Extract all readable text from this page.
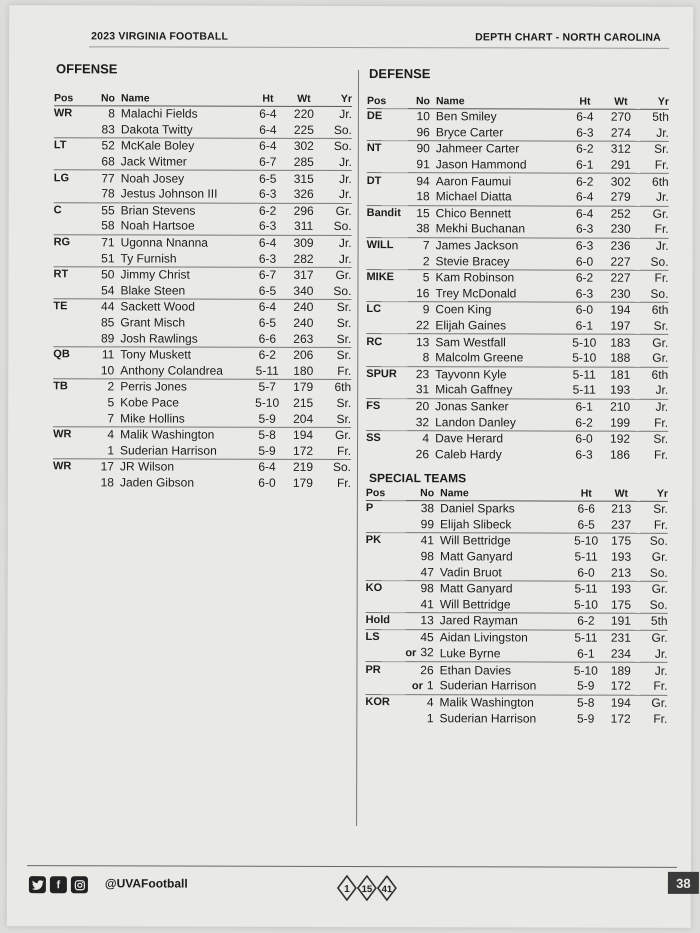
2023 VIRGINIA FOOTBALL	DEPTH CHART - NORTH CAROLINA
OFFENSE	DEFENSE
SPECIAL TEAMS
Pos	No	Name	Ht	Wt	Yr
WR	8	Malachi Fields	6-4	220	Jr.
	83	Dakota Twitty	6-4	225	So.
LT	52	McKale Boley	6-4	302	So.
	68	Jack Witmer	6-7	285	Jr.
LG	77	Noah Josey	6-5	315	Jr.
	78	Jestus Johnson III	6-3	326	Jr.
C	55	Brian Stevens	6-2	296	Gr.
	58	Noah Hartsoe	6-3	311	So.
RG	71	Ugonna Nnanna	6-4	309	Jr.
	51	Ty Furnish	6-3	282	Jr.
RT	50	Jimmy Christ	6-7	317	Gr.
	54	Blake Steen	6-5	340	So.
TE	44	Sackett Wood	6-4	240	Sr.
	85	Grant Misch	6-5	240	Sr.
	89	Josh Rawlings	6-6	263	Sr.
QB	11	Tony Muskett	6-2	206	Sr.
	10	Anthony Colandrea	5-11	180	Fr.
TB	2	Perris Jones	5-7	179	6th
	5	Kobe Pace	5-10	215	Sr.
	7	Mike Hollins	5-9	204	Sr.
WR	4	Malik Washington	5-8	194	Gr.
	1	Suderian Harrison	5-9	172	Fr.
WR	17	JR Wilson	6-4	219	So.
	18	Jaden Gibson	6-0	179	Fr.
Pos	No	Name	Ht	Wt	Yr
DE	10	Ben Smiley	6-4	270	5th
	96	Bryce Carter	6-3	274	Jr.
NT	90	Jahmeer Carter	6-2	312	Sr.
	91	Jason Hammond	6-1	291	Fr.
DT	94	Aaron Faumui	6-2	302	6th
	18	Michael Diatta	6-4	279	Jr.
Bandit	15	Chico Bennett	6-4	252	Gr.
	38	Mekhi Buchanan	6-3	230	Fr.
WILL	7	James Jackson	6-3	236	Jr.
	2	Stevie Bracey	6-0	227	So.
MIKE	5	Kam Robinson	6-2	227	Fr.
	16	Trey McDonald	6-3	230	So.
LC	9	Coen King	6-0	194	6th
	22	Elijah Gaines	6-1	197	Sr.
RC	13	Sam Westfall	5-10	183	Gr.
	8	Malcolm Greene	5-10	188	Gr.
SPUR	23	Tayvonn Kyle	5-11	181	6th
	31	Micah Gaffney	5-11	193	Jr.
FS	20	Jonas Sanker	6-1	210	Jr.
	32	Landon Danley	6-2	199	Fr.
SS	4	Dave Herard	6-0	192	Sr.
	26	Caleb Hardy	6-3	186	Fr.
Pos	No	Name	Ht	Wt	Yr
P	38	Daniel Sparks	6-6	213	Sr.
	99	Elijah Slibeck	6-5	237	Fr.
PK	41	Will Bettridge	5-10	175	So.
	98	Matt Ganyard	5-11	193	Gr.
	47	Vadin Bruot	6-0	213	So.
KO	98	Matt Ganyard	5-11	193	Gr.
	41	Will Bettridge	5-10	175	So.
Hold	13	Jared Rayman	6-2	191	5th
LS	45	Aidan Livingston	5-11	231	Gr.
	or 32	Luke Byrne	6-1	234	Jr.
PR	26	Ethan Davies	5-10	189	Jr.
	or 1	Suderian Harrison	5-9	172	Fr.
KOR	4	Malik Washington	5-8	194	Gr.
	1	Suderian Harrison	5-9	172	Fr.
f	@UVAFootball	1 15 41	38
